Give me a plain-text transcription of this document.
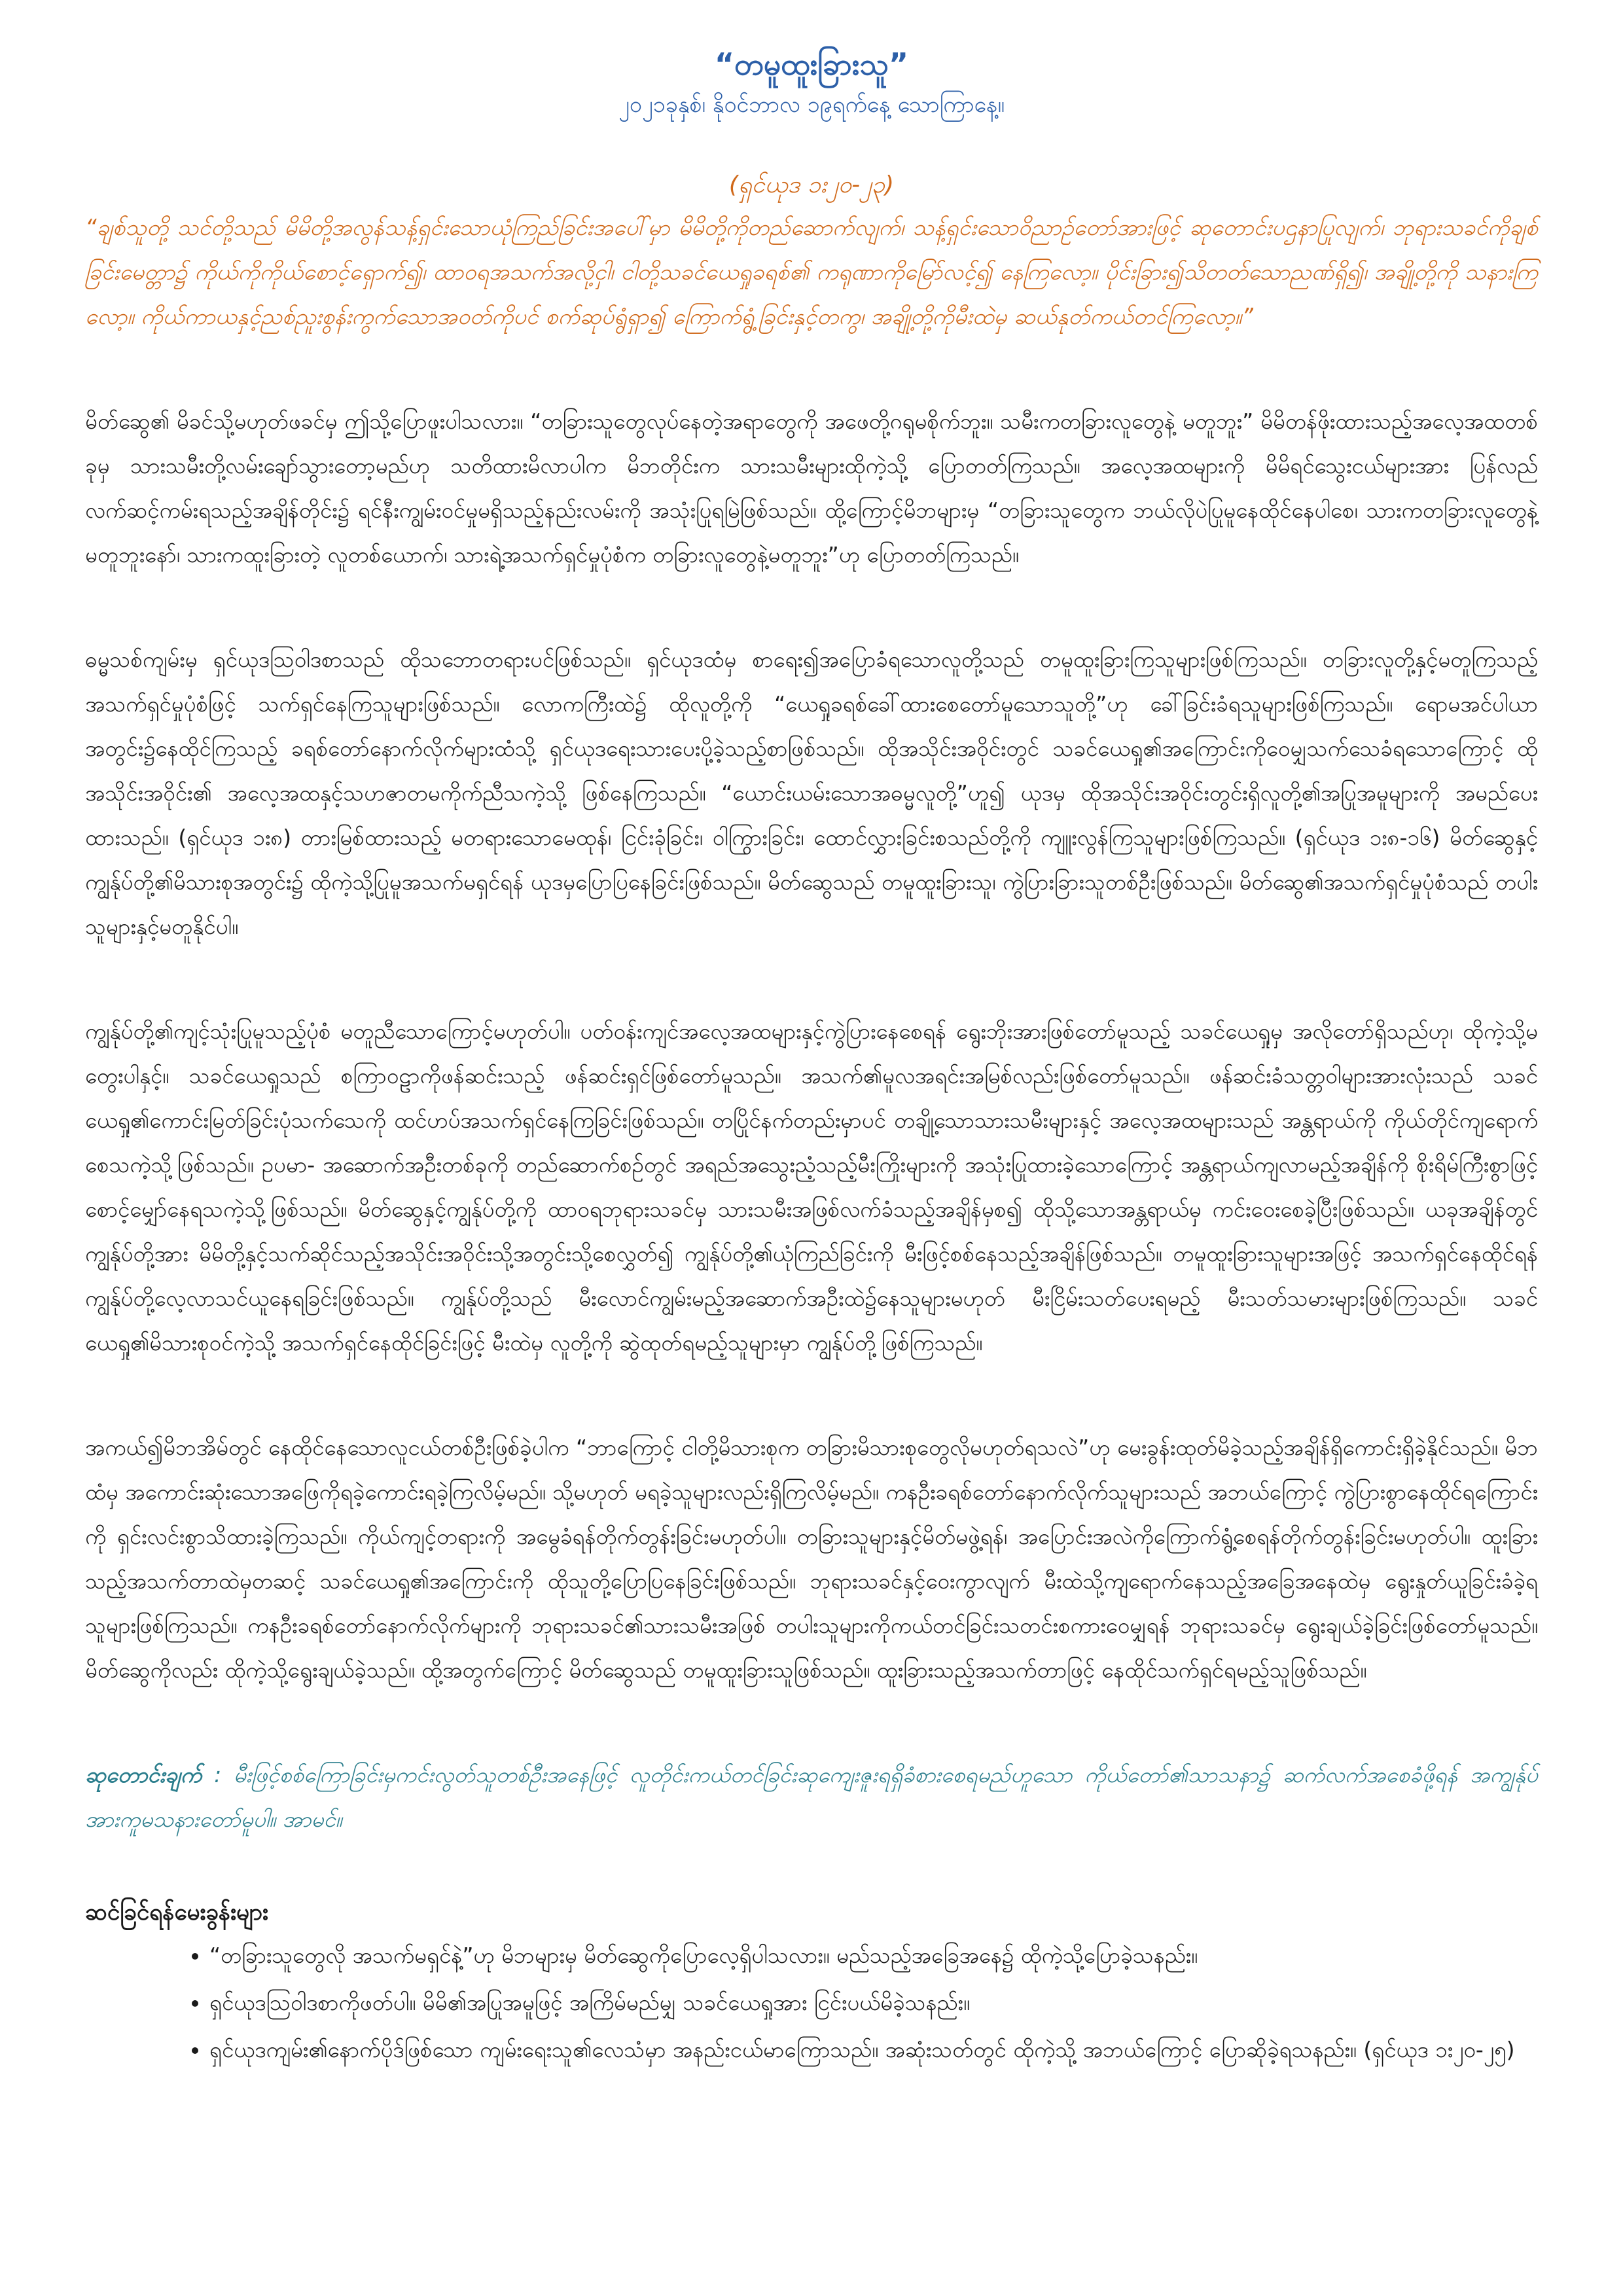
“တမူထူးခြားသူ”
၂၀၂၁ခုနှစ်၊ နိုဝင်ဘာလ ၁၉ရက်နေ့ သောကြာနေ့။
(ရှင်ယုဒ ၁း၂၀-၂၃)

“ချစ်သူတို့ သင်တို့သည် မိမိတို့အလွန်သန့်ရှင်းသောယုံကြည်ခြင်းအပေါ်မှာ မိမိတို့ကိုတည်ဆောက်လျက်၊ သန့်ရှင်းသောဝိညာဉ်တော်အားဖြင့် ဆုတောင်းပဌနာပြုလျက်၊ ဘုရားသခင်ကိုချစ်ခြင်းမေတ္တာ၌ ကိုယ်ကိုကိုယ်စောင့်ရှောက်၍၊ ထာဝရအသက်အလို့ငှါ၊ ငါတို့သခင်ယေရှုခရစ်၏ ကရုဏာကိုမြော်လင့်၍ နေကြလော့။ ပိုင်းခြား၍သိတတ်သောညဏ်ရှိ၍၊ အချို့တို့ကို သနားကြလော့။ ကိုယ်ကာယနှင့်ညစ်ညူးစွန်းကွက်သောအဝတ်ကိုပင် စက်ဆုပ်ရွံရှာ၍ ကြောက်ရွံ့ခြင်းနှင့်တကွ၊ အချို့တို့ကိုမီးထဲမှ ဆယ်နုတ်ကယ်တင်ကြလော့။”

မိတ်ဆွေ၏ မိခင်သို့မဟုတ်ဖခင်မှ ဤသို့ပြောဖူးပါသလား။ “တခြားသူတွေလုပ်နေတဲ့အရာတွေကို အဖေတို့ဂရုမစိုက်ဘူး။ သမီးကတခြားလူတွေနဲ့ မတူဘူး” မိမိတန်ဖိုးထားသည့်အလေ့အထတစ်ခုမှ သားသမီးတို့လမ်းချော်သွားတော့မည်ဟု သတိထားမိလာပါက မိဘတိုင်းက သားသမီးများထိုကဲ့သို့ ပြောတတ်ကြသည်။ အလေ့အထများကို မိမိရင်သွေးငယ်များအား ပြန်လည်လက်ဆင့်ကမ်းရသည့်အချိန်တိုင်း၌ ရင်နီးကျွမ်းဝင်မှုမရှိသည့်နည်းလမ်းကို အသုံးပြုရမြဲဖြစ်သည်။ ထို့ကြောင့်မိဘများမှ “တခြားသူတွေက ဘယ်လိုပဲပြုမူနေထိုင်နေပါစေ၊ သားကတခြားလူတွေနဲ့မတူဘူးနော်၊ သားကထူးခြားတဲ့ လူတစ်ယောက်၊ သားရဲ့အသက်ရှင်မှုပုံစံက တခြားလူတွေနဲ့မတူဘူး”ဟု ပြောတတ်ကြသည်။

ဓမ္မသစ်ကျမ်းမှ ရှင်ယုဒဩဝါဒစာသည် ထိုသဘောတရားပင်ဖြစ်သည်။ ရှင်ယုဒထံမှ စာရေး၍အပြောခံရသောလူတို့သည် တမူထူးခြားကြသူများဖြစ်ကြသည်။ တခြားလူတို့နှင့်မတူကြသည့် အသက်ရှင်မှုပုံစံဖြင့် သက်ရှင်နေကြသူများဖြစ်သည်။ လောကကြီးထဲ၌ ထိုလူတို့ကို “ယေရှုခရစ်ခေါ်ထားစေတော်မူသောသူတို့”ဟု ခေါ်ခြင်းခံရသူများဖြစ်ကြသည်။ ရောမအင်ပါယာအတွင်း၌နေထိုင်ကြသည့် ခရစ်တော်နောက်လိုက်များထံသို့ ရှင်ယုဒရေးသားပေးပို့ခဲ့သည့်စာဖြစ်သည်။ ထိုအသိုင်းအဝိုင်းတွင် သခင်ယေရှု၏အကြောင်းကိုဝေမျှသက်သေခံရသောကြောင့် ထိုအသိုင်းအဝိုင်း၏ အလေ့အထနှင့်သဟဇာတမကိုက်ညီသကဲ့သို့ ဖြစ်နေကြသည်။ “ယောင်းယမ်းသောအဓမ္မလူတို့”ဟူ၍ ယုဒမှ ထိုအသိုင်းအဝိုင်းတွင်းရှိလူတို့၏အပြုအမူများကို အမည်ပေးထားသည်။ (ရှင်ယုဒ ၁း၈) တားမြစ်ထားသည့် မတရားသောမေထုန်၊ ငြင်းခုံခြင်း၊ ဝါကြွားခြင်း၊ ထောင်လွှားခြင်းစသည်တို့ကို ကျူးလွန်ကြသူများဖြစ်ကြသည်။ (ရှင်ယုဒ ၁း၈-၁၆) မိတ်ဆွေနှင့် ကျွန်ုပ်တို့၏မိသားစုအတွင်း၌ ထိုကဲ့သို့ပြုမူအသက်မရှင်ရန် ယုဒမှပြောပြနေခြင်းဖြစ်သည်။ မိတ်ဆွေသည် တမူထူးခြားသူ၊ ကွဲပြားခြားသူတစ်ဦးဖြစ်သည်။ မိတ်ဆွေ၏အသက်ရှင်မှုပုံစံသည် တပါးသူများနှင့်မတူနိုင်ပါ။

ကျွန်ုပ်တို့၏ကျင့်သုံးပြုမူသည့်ပုံစံ မတူညီသောကြောင့်မဟုတ်ပါ။ ပတ်ဝန်းကျင်အလေ့အထများနှင့်ကွဲပြားနေစေရန် ရွေးဘိုးအားဖြစ်တော်မူသည့် သခင်ယေရှုမှ အလိုတော်ရှိသည်ဟု၊ ထိုကဲ့သို့မတွေးပါနှင့်။ သခင်ယေရှုသည် စကြာဝဠာကိုဖန်ဆင်းသည့် ဖန်ဆင်းရှင်ဖြစ်တော်မူသည်။ အသက်၏မူလအရင်းအမြစ်လည်းဖြစ်တော်မူသည်။ ဖန်ဆင်းခံသတ္တဝါများအားလုံးသည် သခင်ယေရှု၏ကောင်းမြတ်ခြင်းပုံသက်သေကို ထင်ဟပ်အသက်ရှင်နေကြခြင်းဖြစ်သည်။ တပြိုင်နက်တည်းမှာပင် တချို့သောသားသမီးများနှင့် အလေ့အထများသည် အန္တရာယ်ကို ကိုယ်တိုင်ကျရောက်စေသကဲ့သို့ဖြစ်သည်။ ဥပမာ- အဆောက်အဦးတစ်ခုကို တည်ဆောက်စဉ်တွင် အရည်အသွေးညံ့သည့်မီးကြိုးများကို အသုံးပြုထားခဲ့သောကြောင့် အန္တရာယ်ကျလာမည့်အချိန်ကို စိုးရိမ်ကြီးစွာဖြင့်စောင့်မျှော်နေရသကဲ့သို့ဖြစ်သည်။ မိတ်ဆွေနှင့်ကျွန်ုပ်တို့ကို ထာဝရဘုရားသခင်မှ သားသမီးအဖြစ်လက်ခံသည့်အချိန်မှစ၍ ထိုသို့သောအန္တရာယ်မှ ကင်းဝေးစေခဲ့ပြီးဖြစ်သည်။ ယခုအချိန်တွင် ကျွန်ုပ်တို့အား မိမိတို့နှင့်သက်ဆိုင်သည့်အသိုင်းအဝိုင်းသို့အတွင်းသို့စေလွှတ်၍ ကျွန်ုပ်တို့၏ယုံကြည်ခြင်းကို မီးဖြင့်စစ်နေသည့်အချိန်ဖြစ်သည်။ တမူထူးခြားသူများအဖြင့် အသက်ရှင်နေထိုင်ရန် ကျွန်ုပ်တို့လေ့လာသင်ယူနေရခြင်းဖြစ်သည်။ ကျွန်ုပ်တို့သည် မီးလောင်ကျွမ်းမည့်အဆောက်အဦးထဲ၌နေသူများမဟုတ် မီးငြိမ်းသတ်ပေးရမည့် မီးသတ်သမားများဖြစ်ကြသည်။ သခင်ယေရှု၏မိသားစုဝင်ကဲ့သို့ အသက်ရှင်နေထိုင်ခြင်းဖြင့် မီးထဲမှ လူတို့ကို ဆွဲထုတ်ရမည့်သူများမှာ ကျွန်ုပ်တို့ဖြစ်ကြသည်။

အကယ်၍မိဘအိမ်တွင် နေထိုင်နေသောလူငယ်တစ်ဦးဖြစ်ခဲ့ပါက “ဘာကြောင့် ငါတို့မိသားစုက တခြားမိသားစုတွေလိုမဟုတ်ရသလဲ”ဟု မေးခွန်းထုတ်မိခဲ့သည့်အချိန်ရှိကောင်းရှိခဲ့နိုင်သည်။ မိဘထံမှ အကောင်းဆုံးသောအဖြေကိုရခဲ့ကောင်းရခဲ့ကြလိမ့်မည်။ သို့မဟုတ် မရခဲ့သူများလည်းရှိကြလိမ့်မည်။ ကနဦးခရစ်တော်နောက်လိုက်သူများသည် အဘယ်ကြောင့် ကွဲပြားစွာနေထိုင်ရကြောင်းကို ရှင်းလင်းစွာသိထားခဲ့ကြသည်။ ကိုယ်ကျင့်တရားကို အမွေခံရန်တိုက်တွန်းခြင်းမဟုတ်ပါ။ တခြားသူများနှင့်မိတ်မဖွဲ့ရန်၊ အပြောင်းအလဲကိုကြောက်ရွံ့စေရန်တိုက်တွန်းခြင်းမဟုတ်ပါ။ ထူးခြား သည့်အသက်တာထဲမှတဆင့် သခင်ယေရှု၏အကြောင်းကို ထိုသူတို့ပြောပြနေခြင်းဖြစ်သည်။ ဘုရားသခင်နှင့်ဝေးကွာလျက် မီးထဲသို့ကျရောက်နေသည့်အခြေအနေထဲမှ ရွေးနှုတ်ယူခြင်းခံခဲ့ရသူများဖြစ်ကြသည်။ ကနဦးခရစ်တော်နောက်လိုက်များကို ဘုရားသခင်၏သားသမီးအဖြစ် တပါးသူများကိုကယ်တင်ခြင်းသတင်းစကားဝေမျှရန် ဘုရားသခင်မှ ရွေးချယ်ခဲ့ခြင်းဖြစ်တော်မူသည်။ မိတ်ဆွေကိုလည်း ထိုကဲ့သို့ရွေးချယ်ခဲ့သည်။ ထို့အတွက်ကြောင့် မိတ်ဆွေသည် တမူထူးခြားသူဖြစ်သည်။ ထူးခြားသည့်အသက်တာဖြင့် နေထိုင်သက်ရှင်ရမည့်သူဖြစ်သည်။

ဆုတောင်းချက် : မီးဖြင့်စစ်ကြောခြင်းမှကင်းလွတ်သူတစ်ဦးအနေဖြင့် လူတိုင်းကယ်တင်ခြင်းဆုကျေးဇူးရရှိခံစားစေရမည်ဟူသော ကိုယ်တော်၏သာသနာ၌ ဆက်လက်အစေခံဖို့ရန် အကျွန်ုပ်အားကူမသနားတော်မူပါ။ အာမင်။

ဆင်ခြင်ရန်မေးခွန်းများ
• “တခြားသူတွေလို အသက်မရှင်နဲ့”ဟု မိဘများမှ မိတ်ဆွေကိုပြောလေ့ရှိပါသလား။ မည်သည့်အခြေအနေ၌ ထိုကဲ့သို့ပြောခဲ့သနည်း။
• ရှင်ယုဒဩဝါဒစာကိုဖတ်ပါ။ မိမိ၏အပြုအမူဖြင့် အကြိမ်မည်မျှ သခင်ယေရှုအား ငြင်းပယ်မိခဲ့သနည်း။
• ရှင်ယုဒကျမ်း၏နောက်ပိုဒ်ဖြစ်သော ကျမ်းရေးသူ၏လေသံမှာ အနည်းငယ်မာကြောသည်။ အဆုံးသတ်တွင် ထိုကဲ့သို့ အဘယ်ကြောင့် ပြောဆိုခဲ့ရသနည်း။ (ရှင်ယုဒ ၁း၂၀-၂၅)
